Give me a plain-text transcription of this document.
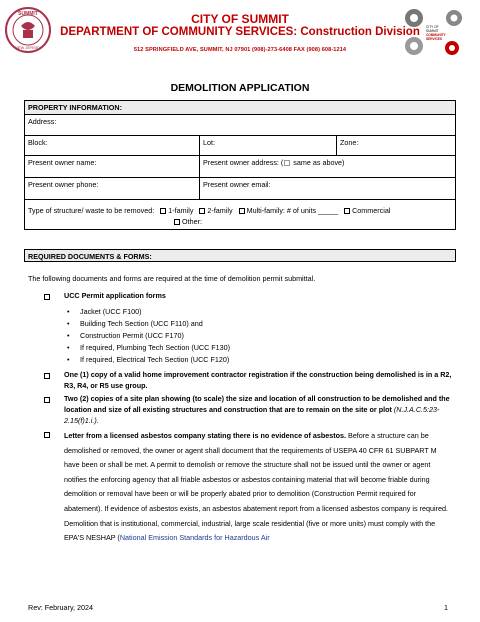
SUMMIT
NEW JERSEY
CITY OF
SUMMIT
COMMUNITY
SERVICES
CITY OF SUMMIT
DEPARTMENT OF COMMUNITY SERVICES: Construction Division
512 SPRINGFIELD AVE, SUMMIT, NJ 07901 (908)-273-6408 FAX (908) 608-1214
DEMOLITION APPLICATION
PROPERTY INFORMATION:		
Address:		
Block:	Lot:	Zone:
Present owner name:	Present owner address: ( same as above)	
Present owner phone:	Present owner email:	
Type of structure/ waste to be removed: 1-family 2-family Multi-family: # of units _____ Commercial
Other:		
REQUIRED DOCUMENTS & FORMS:
The following documents and forms are required at the time of demolition permit submittal.
UCC Permit application forms
• Jacket (UCC F100)
• Building Tech Section (UCC F110) and
• Construction Permit (UCC F170)
• If required, Plumbing Tech Section (UCC F130)
• If required, Electrical Tech Section (UCC F120)
One (1) copy of a valid home improvement contractor registration if the construction being demolished is in a R2, R3, R4, or R5 use group.
Two (2) copies of a site plan showing (to scale) the size and location of all construction to be demolished and the location and size of all existing structures and construction that are to remain on the site or plot (N.J.A.C.5:23-2.15(f)1.i.).
Letter from a licensed asbestos company stating there is no evidence of asbestos. Before a structure can be demolished or removed, the owner or agent shall document that the requirements of USEPA 40 CFR 61 SUBPART M have been or shall be met. A permit to demolish or remove the structure shall not be issued until the owner or agent notifies the enforcing agency that all friable asbestos or asbestos containing material that will become friable during demolition or removal have been or will be properly abated prior to demolition (Construction Permit required for abatement). If evidence of asbestos exists, an asbestos abatement report from a licensed asbestos company is required. Demolition that is institutional, commercial, industrial, large scale residential (five or more units) must comply with the EPA'S NESHAP (National Emission Standards for Hazardous Air
Rev: February, 2024	1
